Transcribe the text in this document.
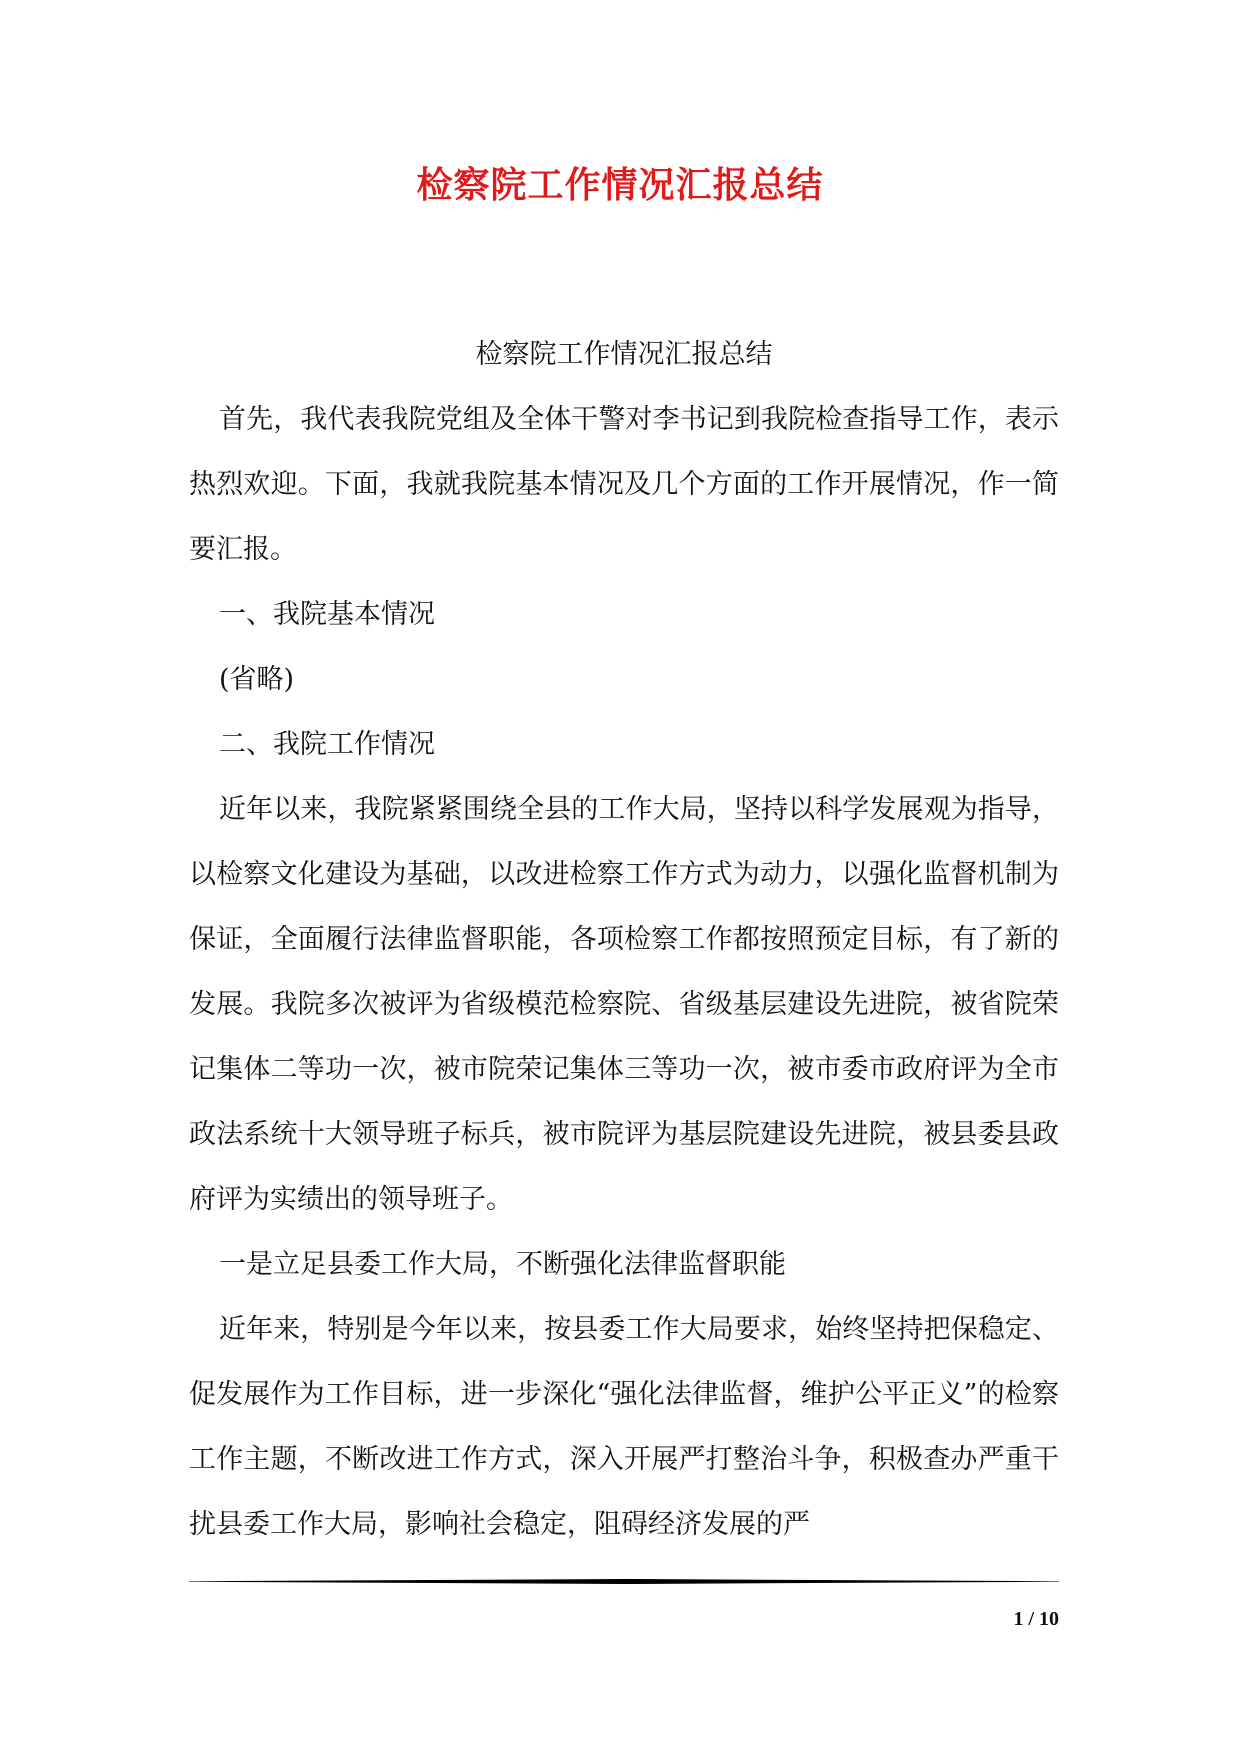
检察院工作情况汇报总结

检察院工作情况汇报总结

首先，我代表我院党组及全体干警对李书记到我院检查指导工作，表示热烈欢迎。下面，我就我院基本情况及几个方面的工作开展情况，作一简要汇报。

一、我院基本情况

(省略)

二、我院工作情况

近年以来，我院紧紧围绕全县的工作大局，坚持以科学发展观为指导，以检察文化建设为基础，以改进检察工作方式为动力，以强化监督机制为保证，全面履行法律监督职能，各项检察工作都按照预定目标，有了新的发展。我院多次被评为省级模范检察院、省级基层建设先进院，被省院荣记集体二等功一次，被市院荣记集体三等功一次，被市委市政府评为全市政法系统十大领导班子标兵，被市院评为基层院建设先进院，被县委县政府评为实绩出的领导班子。

一是立足县委工作大局，不断强化法律监督职能

近年来，特别是今年以来，按县委工作大局要求，始终坚持把保稳定、促发展作为工作目标，进一步深化“强化法律监督，维护公平正义”的检察工作主题，不断改进工作方式，深入开展严打整治斗争，积极查办严重干扰县委工作大局，影响社会稳定，阻碍经济发展的严

1 / 10
